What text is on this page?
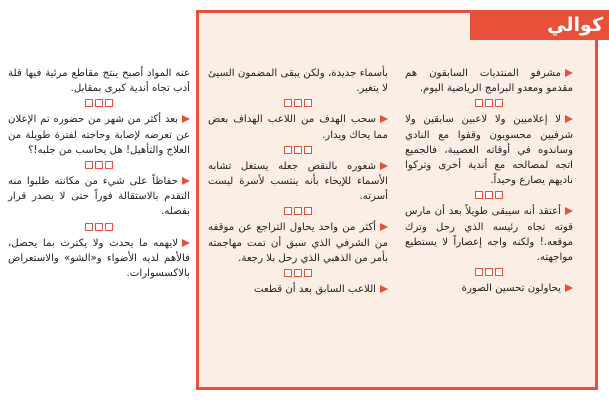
كوالي

مشرفو المنتديات السابقون هم مقدمو ومعدو البرامج الرياضية اليوم.

لا إعلاميين ولا لاعبين سابقين ولا شرفيين محسوبون وقفوا مع النادي وساندوه في أوقاته العصيبة، فالجميع اتجه لمصالحه مع أندية أخرى وتركوا ناديهم يصارع وحيداً.

أعتقد أنه سيبقى طويلاً بعد أن مارس قوته تجاه رئيسه الذي رحل وترك موقعه.! ولكنه واجه إعصاراً لا يستطيع مواجهته.

يحاولون تحسين الصورة

بأسماء جديدة، ولكن يبقى المضمون السيئ لا يتغير.

سحب الهدف من اللاعب الهداف بعض مما يحاك ويدار.

شعوره بالنقص جعله يستغل تشابه الأسماء للإيحاء بأنه ينتسب لأسرة ليست أسرته.

أكثر من واحد يحاول التراجع عن موقفه من الشرفي الذي سبق أن تمت مهاجمته بأمر من الذهبي الذي رحل بلا رجعة.

اللاعب السابق بعد أن قطعت

عنه المواد أصبح ينتج مقاطع مرئية فيها قلة أدب تجاه أندية كبرى بمقابل.

بعد أكثر من شهر من حضوره تم الإعلان عن تعرضه لإصابة وحاجته لفترة طويلة من العلاج والتأهيل! هل يحاسب من جلبه!؟

حفاظاً على شيء من مكانته طلبوا منه التقدم بالاستقالة فوراً حتى لا يصدر قرار بفصله.

لايهمه ما يحدث ولا يكترث بما يحصل، فالأهم لديه الأضواء و«الشو» والاستعراض بالاكسسوارات.
